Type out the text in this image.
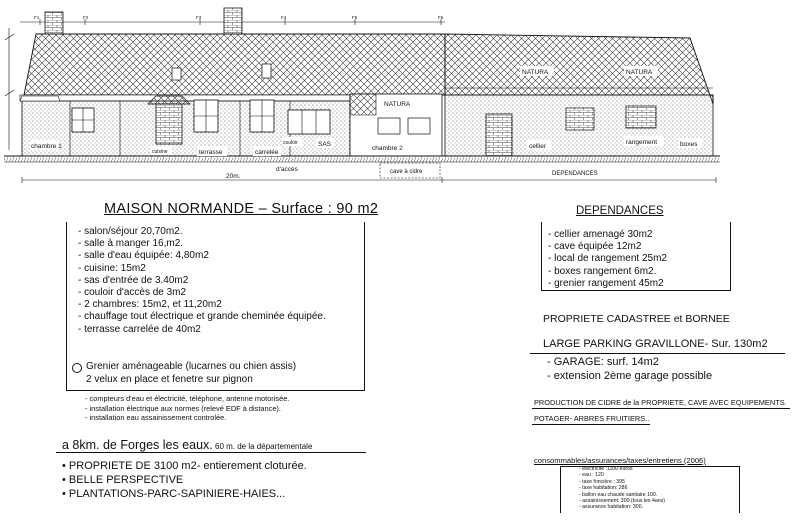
F1	F2	F3	F4	F5	F6
NATURA
NATURA	NATURA
chambre 1
cuisine	terrasse	carrelée
couloir	SAS
chambre 2	cellier
rangement	boxes
d'accès	cave à cidre
20m.	DEPENDANCES
MAISON NORMANDE – Surface : 90 m2
- salon/séjour 20,70m2.
- salle à manger 16,m2.
- salle d'eau équipée: 4,80m2
- cuisine: 15m2
- sas d'entrée de 3.40m2
- couloir d'accès de 3m2
- 2 chambres: 15m2, et 11,20m2
- chauffage tout électrique et grande cheminée équipée.
- terrasse carrelée de 40m2
Grenier aménageable (lucarnes ou chien assis)
2 velux en place et fenetre sur pignon
- compteurs d'eau et électricité, téléphone, antenne motorisée.
- installation électrique aux normes (relevé EDF à distance).
- installation eau assainissement controlée.
a 8km. de Forges les eaux. 60 m. de la départementale
• PROPRIETE DE 3100 m2- entierement cloturée.
• BELLE PERSPECTIVE
• PLANTATIONS-PARC-SAPINIERE-HAIES...
DEPENDANCES
- cellier amenagé 30m2
- cave équipée 12m2
- local de rangement 25m2
- boxes rangement 6m2.
- grenier rangement 45m2
PROPRIETE CADASTREE et BORNEE
LARGE PARKING GRAVILLONE- Sur. 130m2
- GARAGE: surf. 14m2
- extension 2ème garage possible
PRODUCTION DE CIDRE de la PROPRIETE, CAVE AVEC EQUIPEMENTS.
POTAGER- ARBRES FRUITIERS..
consommables/assurances/taxes/entretiens (2006)
- électricité :1100 euros
- eau : 120
- taxe foncière : 395
- taxe habitation: 286
- ballon eau chaude sanitaire 100.
- assainissement: 300 (tous les 4ans)
- assurance habitation: 300.
